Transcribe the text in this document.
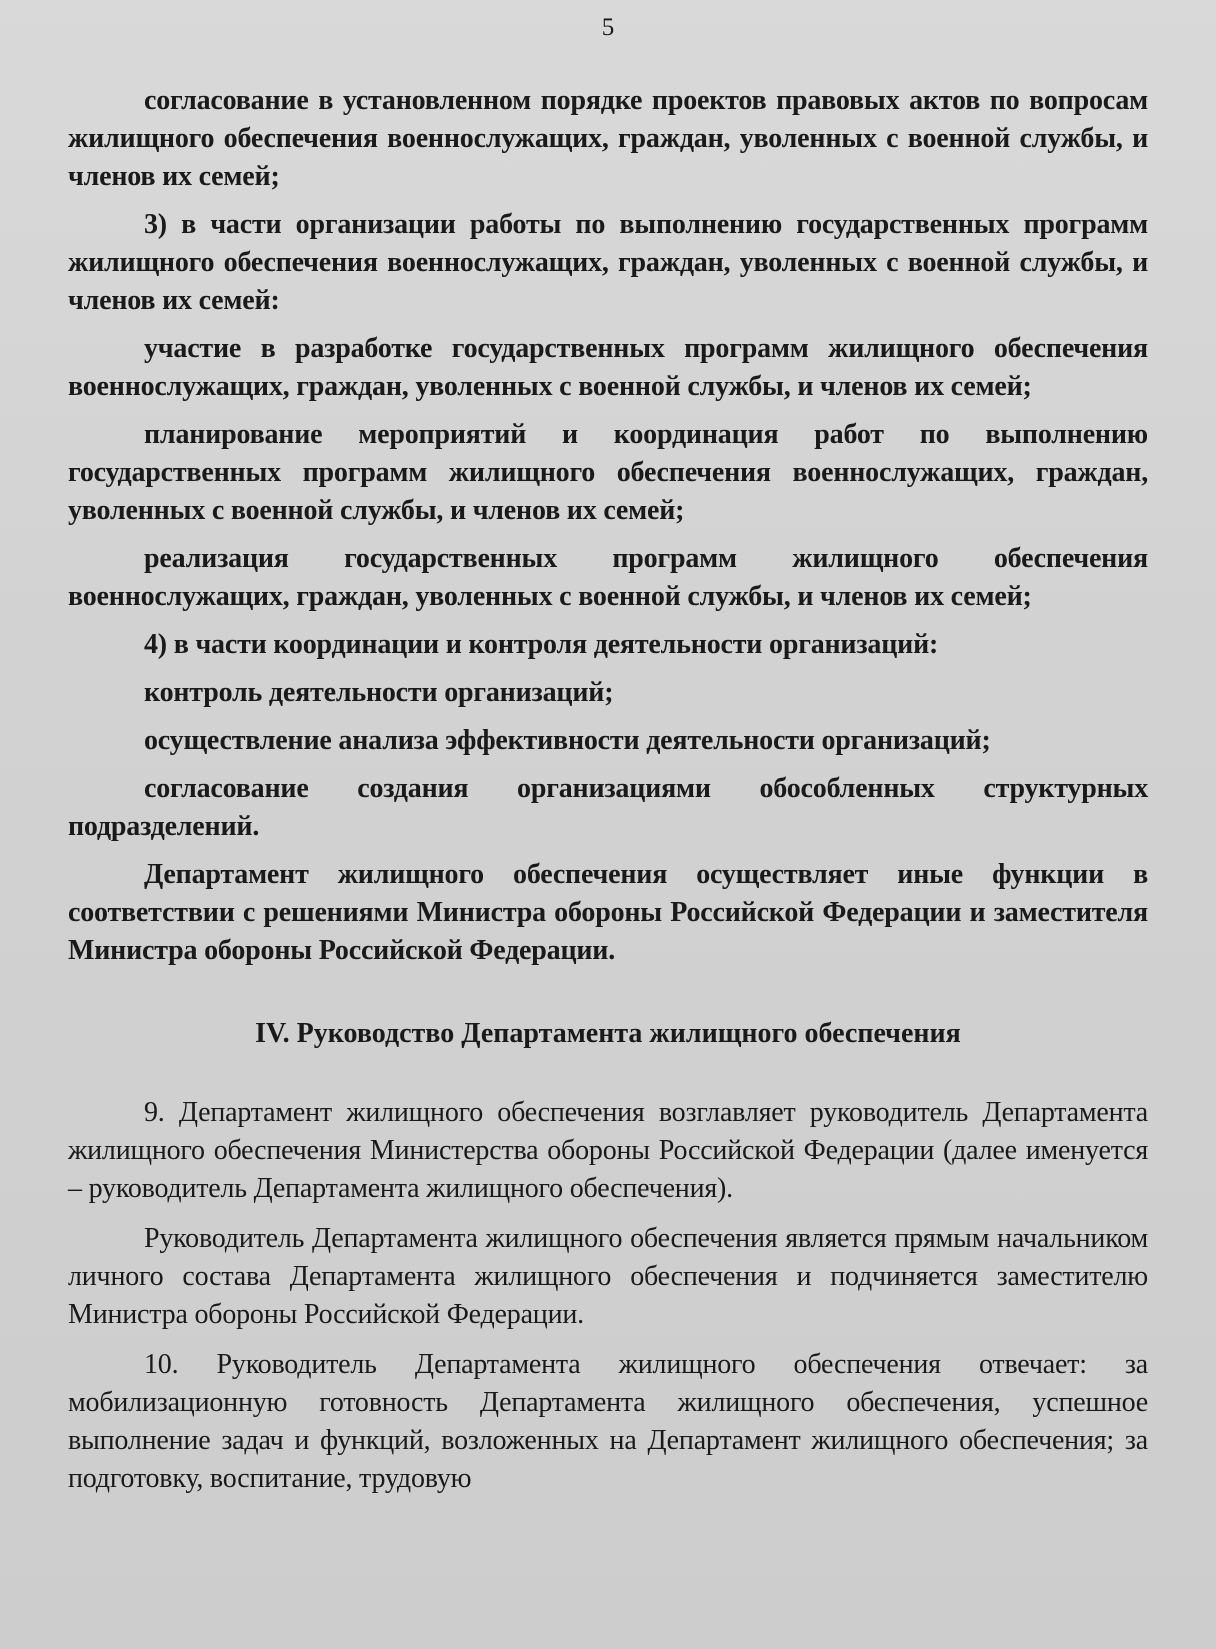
5

согласование в установленном порядке проектов правовых актов по вопросам жилищного обеспечения военнослужащих, граждан, уволенных с военной службы, и членов их семей;

3) в части организации работы по выполнению государственных программ жилищного обеспечения военнослужащих, граждан, уволенных с военной службы, и членов их семей:

участие в разработке государственных программ жилищного обеспечения военнослужащих, граждан, уволенных с военной службы, и членов их семей;

планирование мероприятий и координация работ по выполнению государственных программ жилищного обеспечения военнослужащих, граждан, уволенных с военной службы, и членов их семей;

реализация государственных программ жилищного обеспечения военнослужащих, граждан, уволенных с военной службы, и членов их семей;

4) в части координации и контроля деятельности организаций:

контроль деятельности организаций;

осуществление анализа эффективности деятельности организаций;

согласование создания организациями обособленных структурных подразделений.

Департамент жилищного обеспечения осуществляет иные функции в соответствии с решениями Министра обороны Российской Федерации и заместителя Министра обороны Российской Федерации.

IV. Руководство Департамента жилищного обеспечения

9. Департамент жилищного обеспечения возглавляет руководитель Департамента жилищного обеспечения Министерства обороны Российской Федерации (далее именуется – руководитель Департамента жилищного обеспечения).

Руководитель Департамента жилищного обеспечения является прямым начальником личного состава Департамента жилищного обеспечения и подчиняется заместителю Министра обороны Российской Федерации.

10. Руководитель Департамента жилищного обеспечения отвечает: за мобилизационную готовность Департамента жилищного обеспечения, успешное выполнение задач и функций, возложенных на Департамент жилищного обеспечения; за подготовку, воспитание, трудовую
